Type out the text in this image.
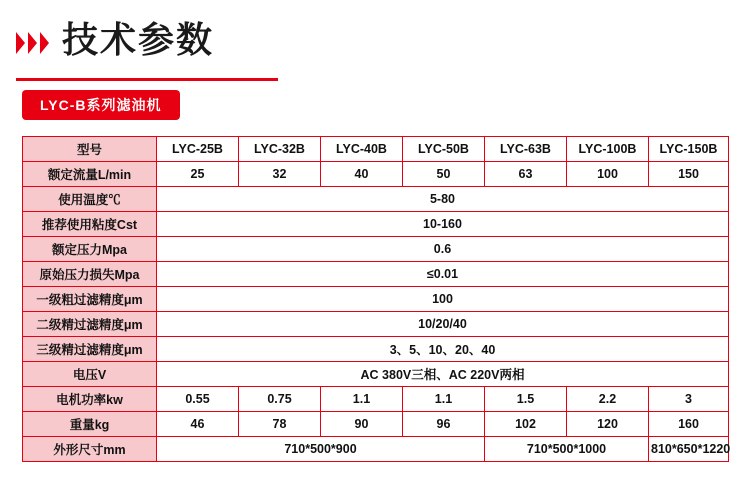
技术参数
LYC-B系列滤油机
型号	LYC-25B	LYC-32B	LYC-40B	LYC-50B	LYC-63B	LYC-100B	LYC-150B
额定流量L/min	25	32	40	50	63	100	150
使用温度℃	5-80						
推荐使用粘度Cst	10-160						
额定压力Mpa	0.6						
原始压力损失Mpa	≤0.01						
一级粗过滤精度μm	100						
二级精过滤精度μm	10/20/40						
三级精过滤精度μm	3、5、10、20、40						
电压V	AC 380V三相、AC 220V两相						
电机功率kw	0.55	0.75	1.1	1.1	1.5	2.2	3
重量kg	46	78	90	96	102	120	160
外形尺寸mm	710*500*900				710*500*1000		810*650*1220
